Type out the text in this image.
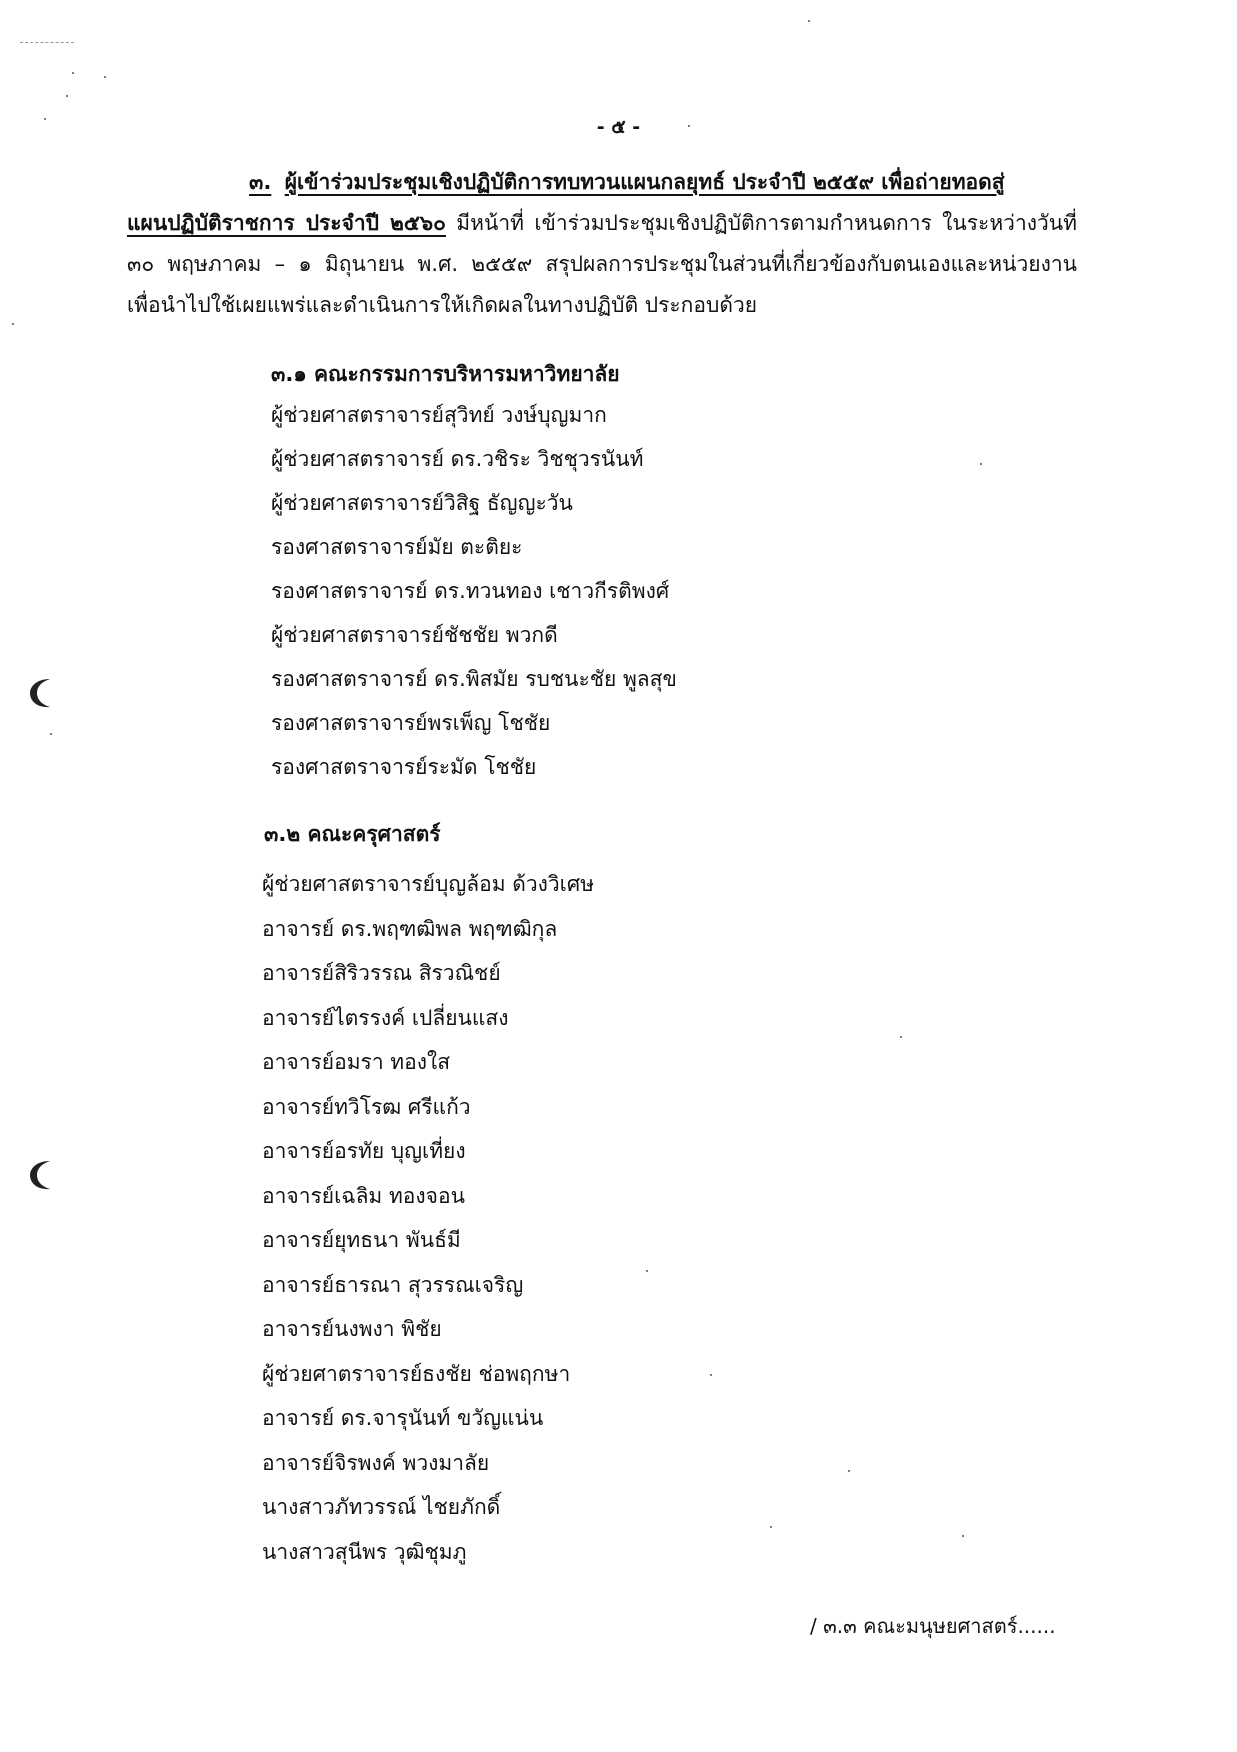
- ๕ -
๓. ผู้เข้าร่วมประชุมเชิงปฏิบัติการทบทวนแผนกลยุทธ์ ประจำปี ๒๕๕๙ เพื่อถ่ายทอดสู่
แผนปฏิบัติราชการ ประจำปี ๒๕๖๐ มีหน้าที่ เข้าร่วมประชุมเชิงปฏิบัติการตามกำหนดการ ในระหว่างวันที่
๓๐ พฤษภาคม – ๑ มิถุนายน พ.ศ. ๒๕๕๙ สรุปผลการประชุมในส่วนที่เกี่ยวข้องกับตนเองและหน่วยงาน
เพื่อนำไปใช้เผยแพร่และดำเนินการให้เกิดผลในทางปฏิบัติ ประกอบด้วย
๓.๑ คณะกรรมการบริหารมหาวิทยาลัย
ผู้ช่วยศาสตราจารย์สุวิทย์ วงษ์บุญมาก
ผู้ช่วยศาสตราจารย์ ดร.วชิระ วิชชุวรนันท์
ผู้ช่วยศาสตราจารย์วิสิฐ ธัญญะวัน
รองศาสตราจารย์มัย ตะติยะ
รองศาสตราจารย์ ดร.ทวนทอง เชาวกีรติพงศ์
ผู้ช่วยศาสตราจารย์ชัชชัย พวกดี
รองศาสตราจารย์ ดร.พิสมัย รบชนะชัย พูลสุข
รองศาสตราจารย์พรเพ็ญ โชชัย
รองศาสตราจารย์ระมัด โชชัย
๓.๒ คณะครุศาสตร์
ผู้ช่วยศาสตราจารย์บุญล้อม ด้วงวิเศษ
อาจารย์ ดร.พฤฑฒิพล พฤฑฒิกุล
อาจารย์สิริวรรณ สิรวณิชย์
อาจารย์ไตรรงค์ เปลี่ยนแสง
อาจารย์อมรา ทองใส
อาจารย์ทวิโรฒ ศรีแก้ว
อาจารย์อรทัย บุญเที่ยง
อาจารย์เฉลิม ทองจอน
อาจารย์ยุทธนา พันธ์มี
อาจารย์ธารณา สุวรรณเจริญ
อาจารย์นงพงา พิชัย
ผู้ช่วยศาตราจารย์ธงชัย ช่อพฤกษา
อาจารย์ ดร.จารุนันท์ ขวัญแน่น
อาจารย์จิรพงค์ พวงมาลัย
นางสาวภัทวรรณ์ ไชยภักดิ์
นางสาวสุนีพร วุฒิชุมภู
/ ๓.๓ คณะมนุษยศาสตร์......
